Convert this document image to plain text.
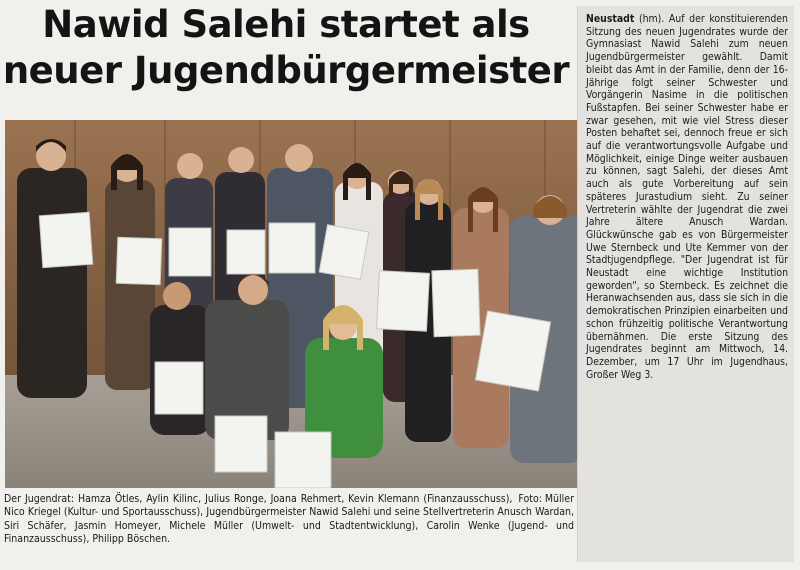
Nawid Salehi startet als
neuer Jugendbürgermeister
Foto: Müller
Der Jugendrat: Hamza Ötles, Aylin Kilinc, Julius Ronge, Joana Rehmert, Kevin Klemann (Finanzausschuss), Nico Kriegel (Kultur- und Sportausschuss), Jugendbürgermeister Nawid Salehi und seine Stellvertreterin Anusch Wardan, Siri Schäfer, Jasmin Homeyer, Michele Müller (Umwelt- und Stadtentwicklung), Carolin Wenke (Jugend- und Finanzausschuss), Philipp Böschen.
Neustadt (hm). Auf der konstituierenden Sitzung des neuen Jugendrates wurde der Gymnasiast Nawid Salehi zum neuen Jugendbürgermeister gewählt. Damit bleibt das Amt in der Familie, denn der 16-Jährige folgt seiner Schwester und Vorgängerin Nasime in die politischen Fußstapfen. Bei seiner Schwester habe er zwar gesehen, mit wie viel Stress dieser Posten behaftet sei, dennoch freue er sich auf die verantwortungsvolle Aufgabe und Möglichkeit, einige Dinge weiter ausbauen zu können, sagt Salehi, der dieses Amt auch als gute Vorbereitung auf sein späteres Jurastudium sieht. Zu seiner Vertreterin wählte der Jugendrat die zwei Jahre ältere Anusch Wardan. Glückwünsche gab es von Bürgermeister Uwe Sternbeck und Ute Kemmer von der Stadtjugendpflege. "Der Jugendrat ist für Neustadt eine wichtige Institution geworden", so Sternbeck. Es zeichnet die Heranwachsenden aus, dass sie sich in die demokratischen Prinzipien einarbeiten und schon frühzeitig politische Verantwortung übernähmen. Die erste Sitzung des Jugendrates beginnt am Mittwoch, 14. Dezember, um 17 Uhr im Jugendhaus, Großer Weg 3.
